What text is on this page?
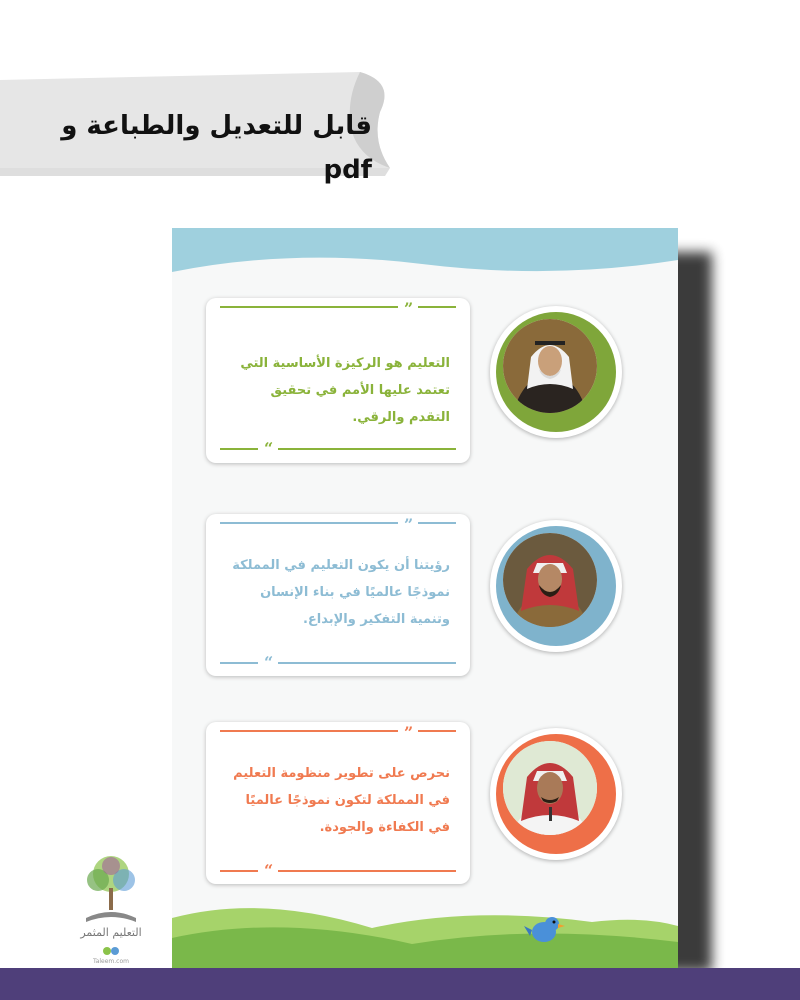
قابل للتعديل والطباعة و pdf
”
التعليم هو الركيزة الأساسية التي تعتمد عليها الأمم في تحقيق التقدم والرقي.
“
”
رؤيتنا أن يكون التعليم في المملكة نموذجًا عالميًا في بناء الإنسان وتنمية التفكير والإبداع.
“
”
نحرص على تطوير منظومة التعليم في المملكة لتكون نموذجًا عالميًا في الكفاءة والجودة.
“
التعليم المثمر
Taleem.com
